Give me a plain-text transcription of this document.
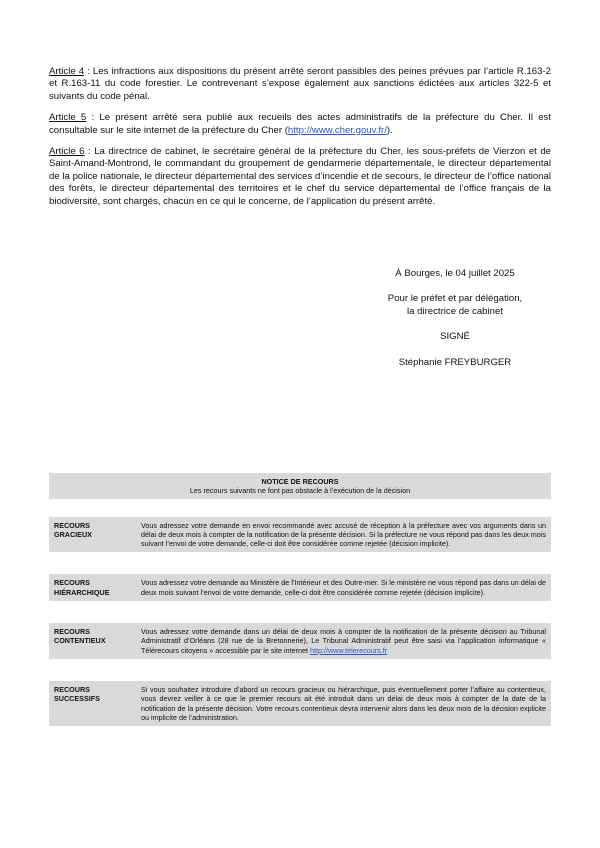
Article 4 : Les infractions aux dispositions du présent arrêté seront passibles des peines prévues par l’article R.163-2 et R.163-11 du code forestier. Le contrevenant s’expose également aux sanctions édictées aux articles 322-5 et suivants du code pénal.

Article 5 : Le présent arrêté sera publié aux recueils des actes administratifs de la préfecture du Cher. Il est consultable sur le site internet de la préfecture du Cher (http://www.cher.gouv.fr/).

Article 6 : La directrice de cabinet, le secrétaire général de la préfecture du Cher, les sous-préfets de Vierzon et de Saint-Amand-Montrond, le commandant du groupement de gendarmerie départementale, le directeur départemental de la police nationale, le directeur départemental des services d’incendie et de secours, le directeur de l’office national des forêts, le directeur départemental des territoires et le chef du service départemental de l’office français de la biodiversité, sont chargés, chacun en ce qui le concerne, de l’application du présent arrêté.

À Bourges, le 04 juillet 2025
Pour le préfet et par délégation,
la directrice de cabinet
SIGNÉ
Stéphanie FREYBURGER
NOTICE DE RECOURS
Les recours suivants ne font pas obstacle à l’exécution de la décision
RECOURS
GRACIEUX
Vous adressez votre demande en envoi recommandé avec accusé de réception à la préfecture avec vos arguments dans un délai de deux mois à compter de la notification de la présente décision. Si la préfecture ne vous répond pas dans les deux mois suivant l’envoi de votre demande, celle-ci doit être considérée comme rejetée (décision implicite).
RECOURS
HIÉRARCHIQUE
Vous adressez votre demande au Ministère de l’Intérieur et des Outre-mer. Si le ministère ne vous répond pas dans un délai de deux mois suivant l’envoi de votre demande, celle-ci doit être considérée comme rejetée (décision implicite).
RECOURS
CONTENTIEUX
Vous adressez votre demande dans un délai de deux mois à compter de la notification de la présente décision au Tribunal Administratif d’Orléans (28 rue de la Bretonnerie), Le Tribunal Administratif peut être saisi via l’application informatique « Télérecours citoyens » accessible par le site internet http://www.telerecours.fr
RECOURS
SUCCESSIFS
Si vous souhaitez introduire d’abord un recours gracieux ou hiérarchique, puis éventuellement porter l’affaire au contentieux, vous devrez veiller à ce que le premier recours ait été introduit dans un délai de deux mois à compter de la date de la notification de la présente décision. Votre recours contentieux devra intervenir alors dans les deux mois de la décision explicite ou implicite de l’administration.
